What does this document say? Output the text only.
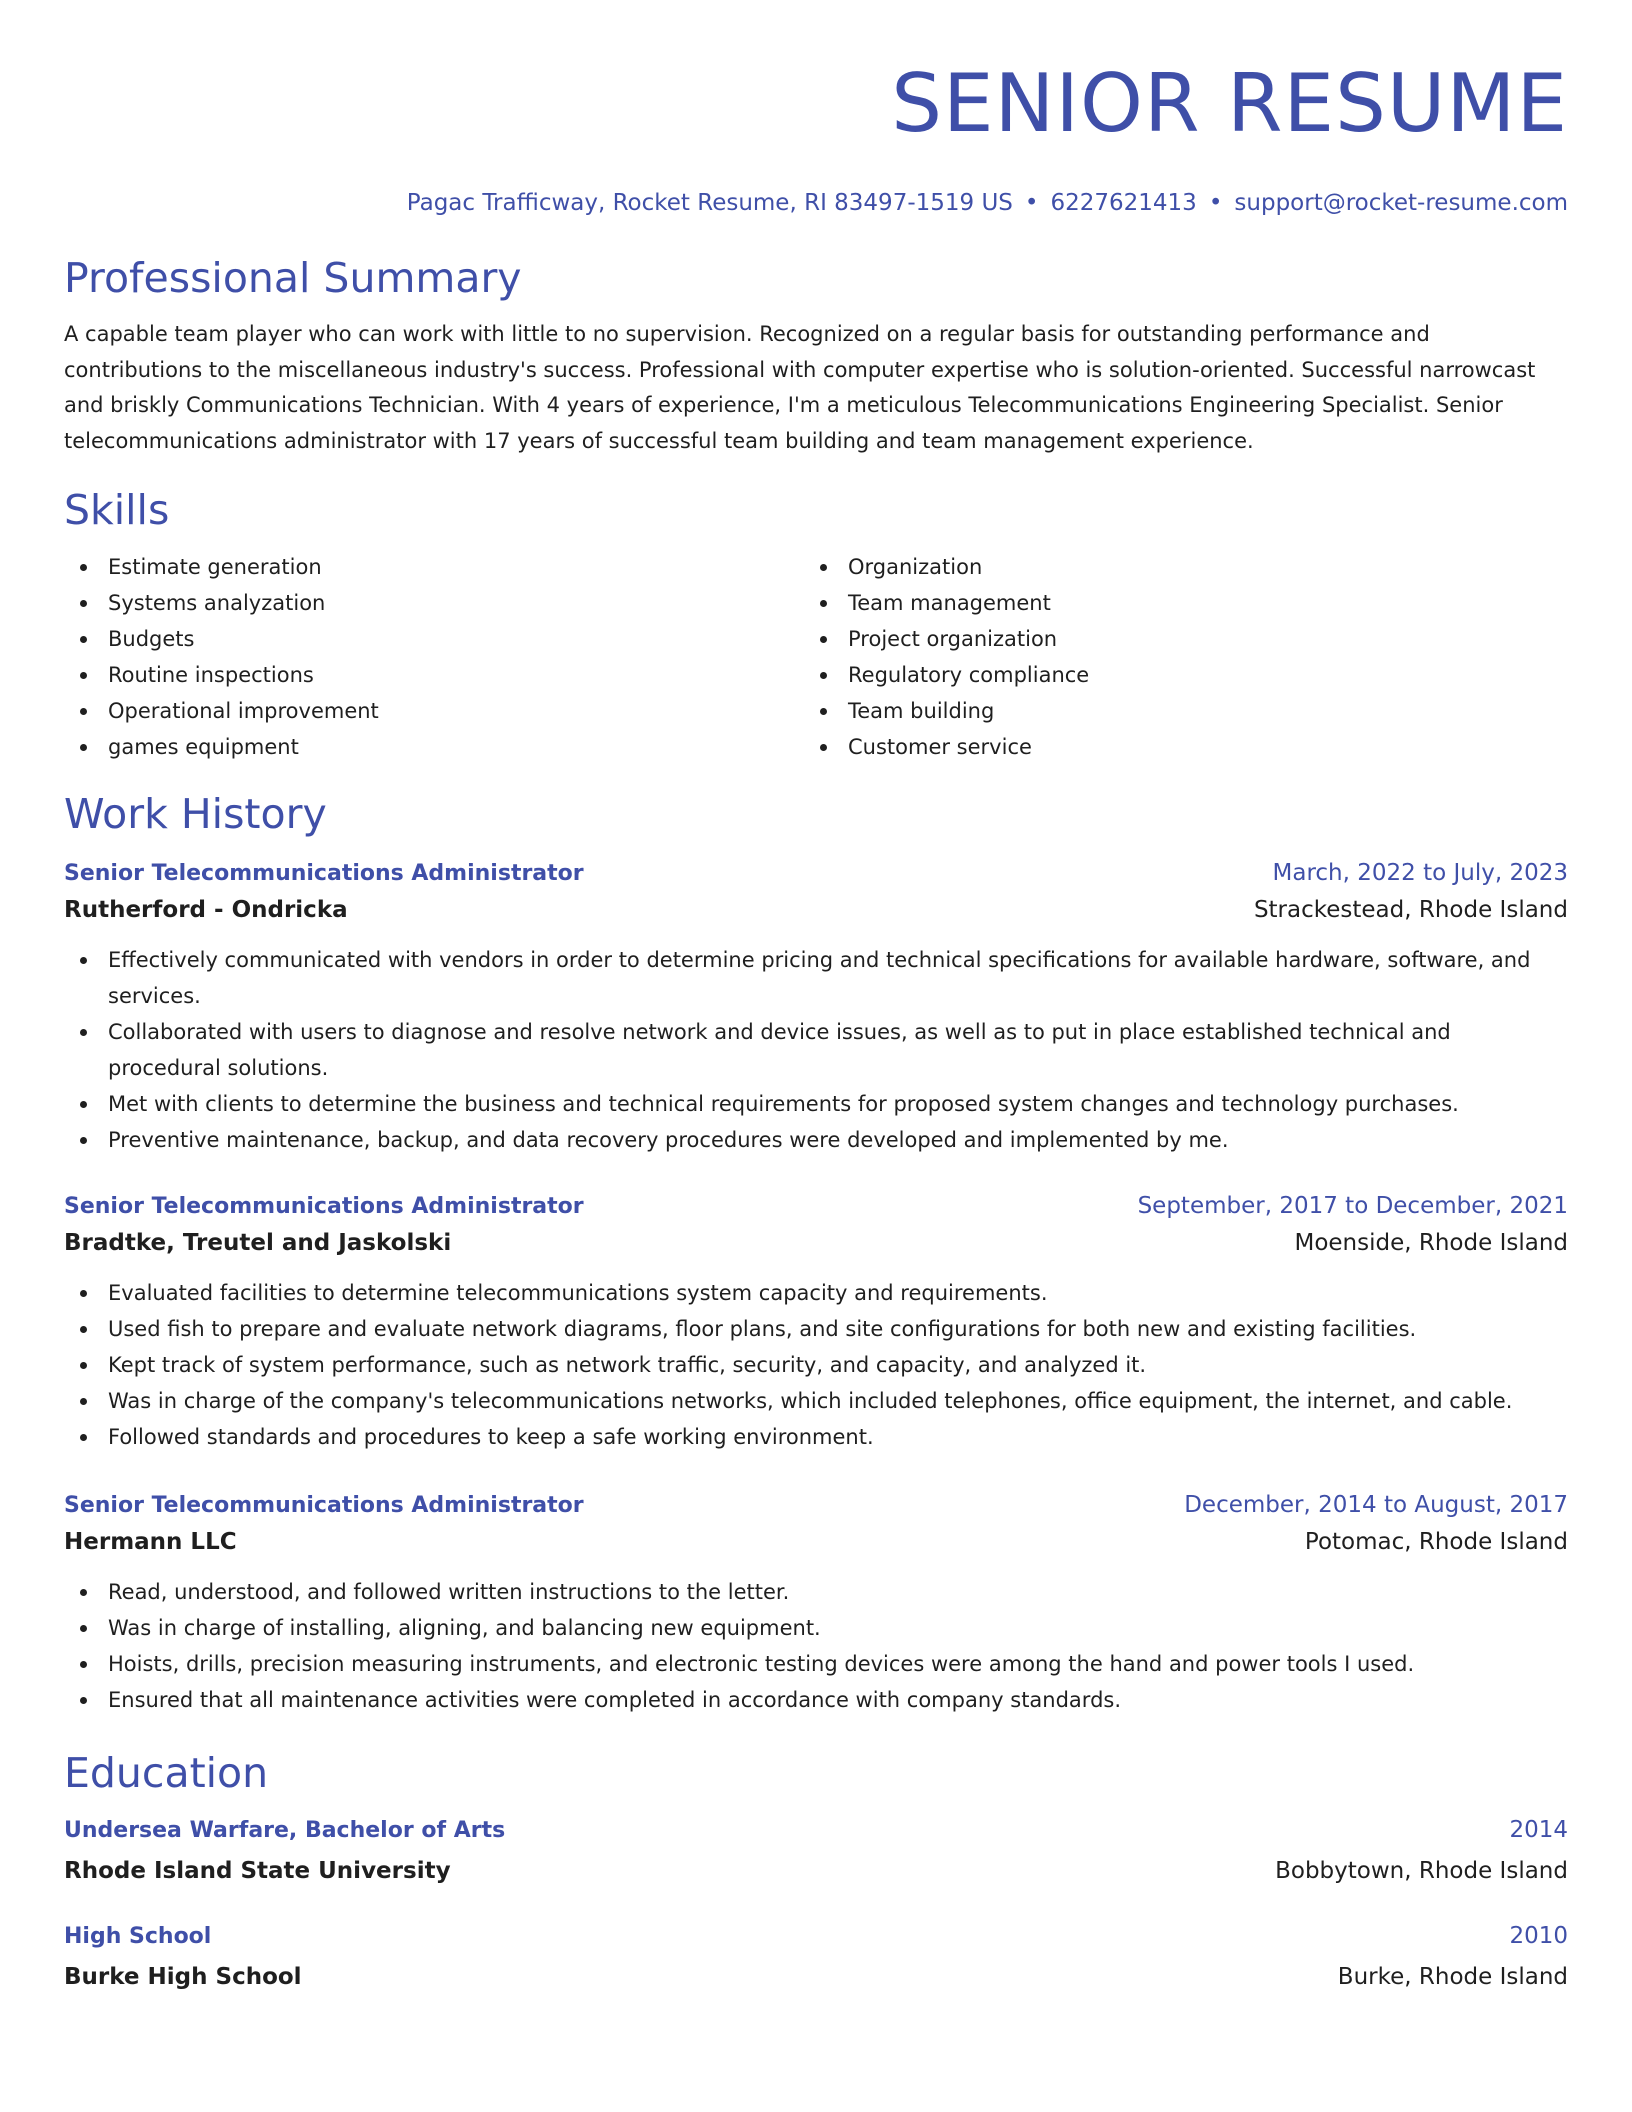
SENIOR RESUME
Pagac Trafficway, Rocket Resume, RI 83497-1519 US • 6227621413 • support@rocket-resume.com
Professional Summary

A capable team player who can work with little to no supervision. Recognized on a regular basis for outstanding performance and contributions to the miscellaneous industry's success. Professional with computer expertise who is solution-oriented. Successful narrowcast and briskly Communications Technician. With 4 years of experience, I'm a meticulous Telecommunications Engineering Specialist. Senior telecommunications administrator with 17 years of successful team building and team management experience.

Skills
Estimate generation
Systems analyzation
Budgets
Routine inspections
Operational improvement
games equipment
Organization
Team management
Project organization
Regulatory compliance
Team building
Customer service
Work History
Senior Telecommunications Administrator	March, 2022 to July, 2023
Rutherford - Ondricka	Strackestead, Rhode Island
Effectively communicated with vendors in order to determine pricing and technical specifications for available hardware, software, and services.
Collaborated with users to diagnose and resolve network and device issues, as well as to put in place established technical and procedural solutions.
Met with clients to determine the business and technical requirements for proposed system changes and technology purchases.
Preventive maintenance, backup, and data recovery procedures were developed and implemented by me.
Senior Telecommunications Administrator	September, 2017 to December, 2021
Bradtke, Treutel and Jaskolski	Moenside, Rhode Island
Evaluated facilities to determine telecommunications system capacity and requirements.
Used fish to prepare and evaluate network diagrams, floor plans, and site configurations for both new and existing facilities.
Kept track of system performance, such as network traffic, security, and capacity, and analyzed it.
Was in charge of the company's telecommunications networks, which included telephones, office equipment, the internet, and cable.
Followed standards and procedures to keep a safe working environment.
Senior Telecommunications Administrator	December, 2014 to August, 2017
Hermann LLC	Potomac, Rhode Island
Read, understood, and followed written instructions to the letter.
Was in charge of installing, aligning, and balancing new equipment.
Hoists, drills, precision measuring instruments, and electronic testing devices were among the hand and power tools I used.
Ensured that all maintenance activities were completed in accordance with company standards.
Education
Undersea Warfare, Bachelor of Arts	2014
Rhode Island State University	Bobbytown, Rhode Island
High School	2010
Burke High School	Burke, Rhode Island
